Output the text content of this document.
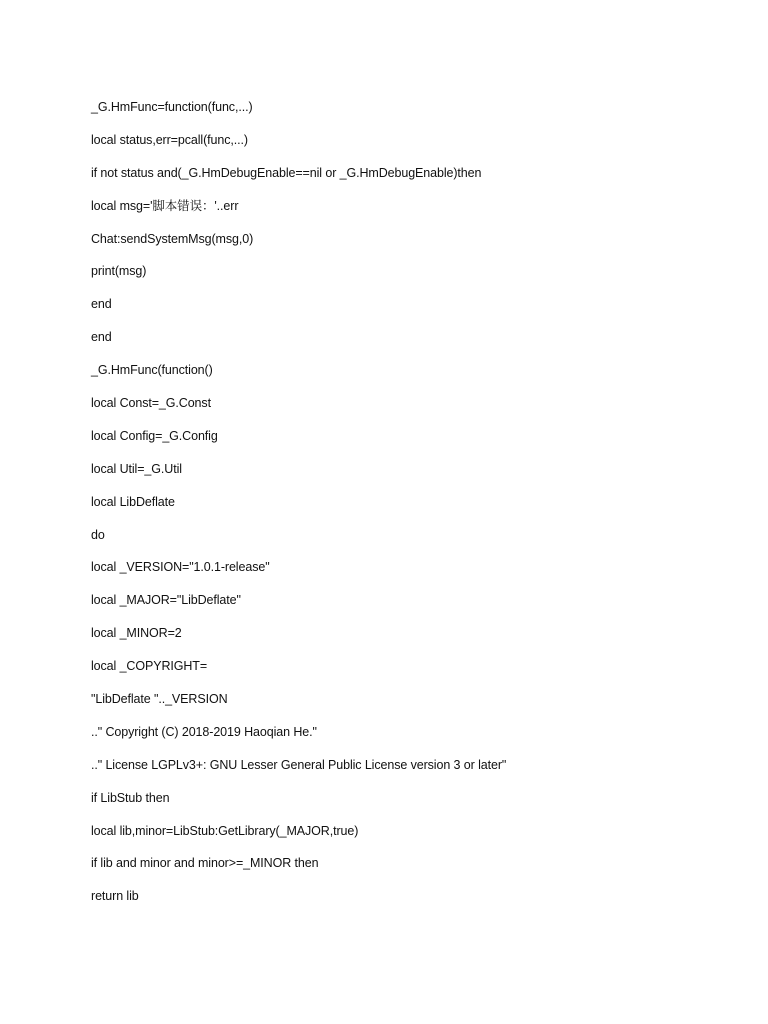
_G.HmFunc=function(func,...)
local status,err=pcall(func,...)
if not status and(_G.HmDebugEnable==nil or _G.HmDebugEnable)then
local msg='脚本错误：'..err
Chat:sendSystemMsg(msg,0)
print(msg)
end
end
_G.HmFunc(function()
local Const=_G.Const
local Config=_G.Config
local Util=_G.Util
local LibDeflate
do
local _VERSION="1.0.1-release"
local _MAJOR="LibDeflate"
local _MINOR=2
local _COPYRIGHT=
"LibDeflate ".._VERSION
.." Copyright (C) 2018-2019 Haoqian He."
.." License LGPLv3+: GNU Lesser General Public License version 3 or later"
if LibStub then
local lib,minor=LibStub:GetLibrary(_MAJOR,true)
if lib and minor and minor>=_MINOR then
return lib
